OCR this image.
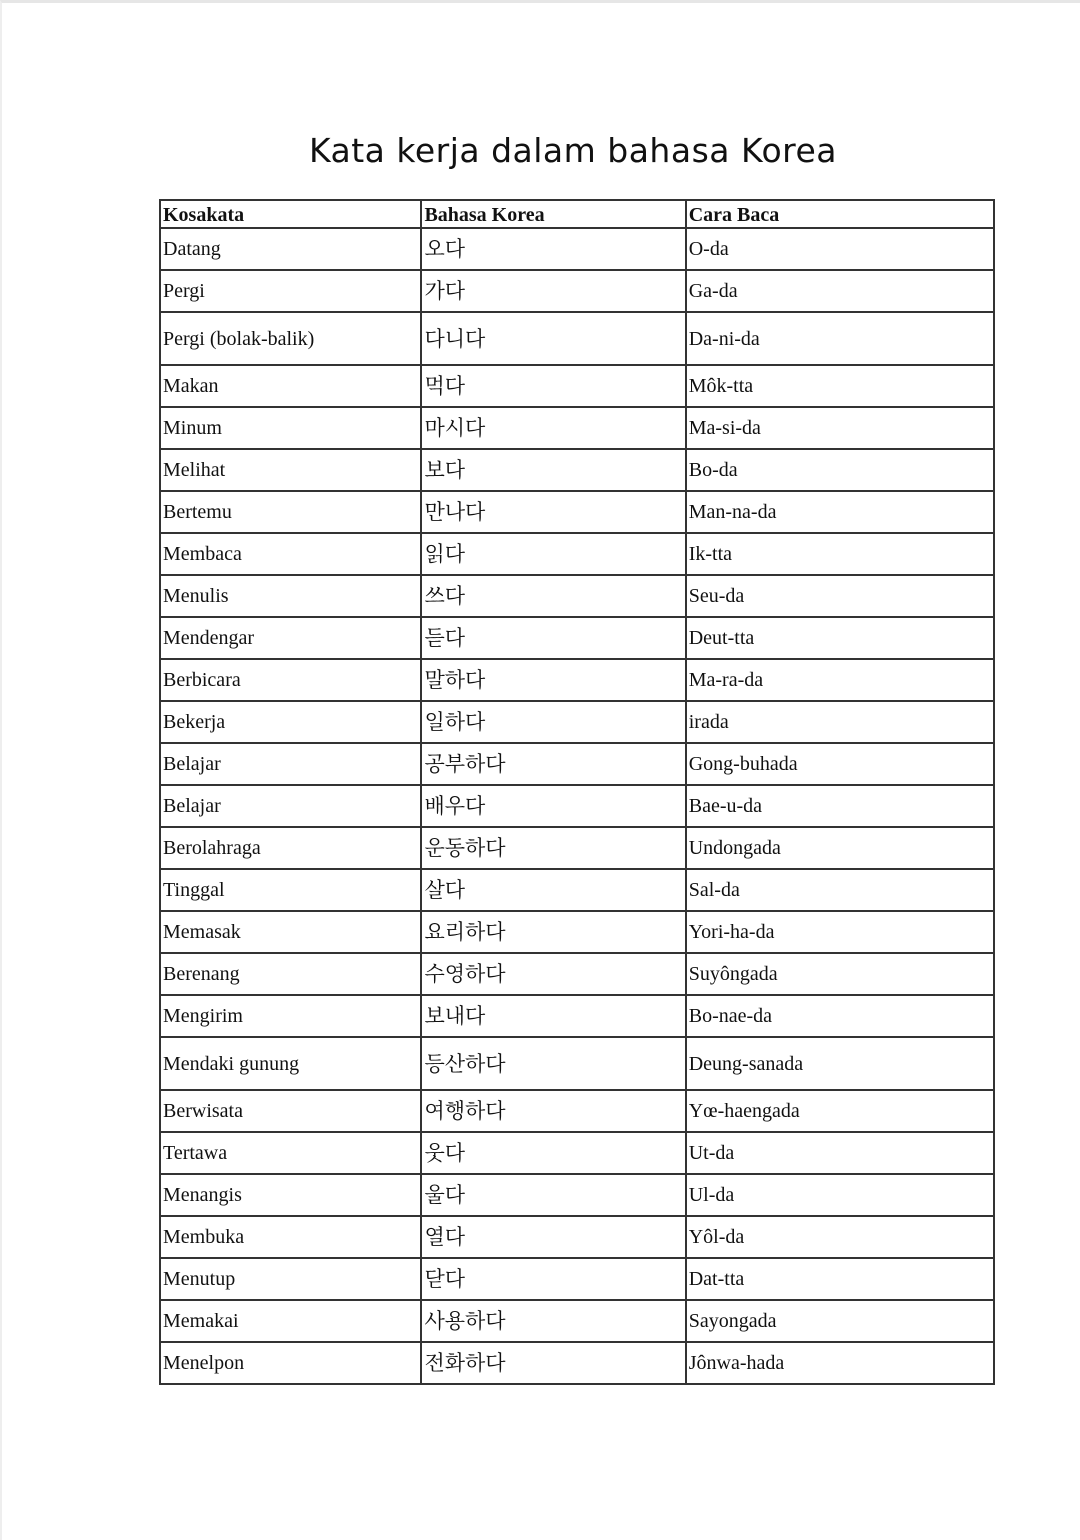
Kata kerja dalam bahasa Korea
Kosakata	Bahasa Korea	Cara Baca
Datang	오다	O-da
Pergi	가다	Ga-da
Pergi (bolak-balik)	다니다	Da-ni-da
Makan	먹다	Môk-tta
Minum	마시다	Ma-si-da
Melihat	보다	Bo-da
Bertemu	만나다	Man-na-da
Membaca	읽다	Ik-tta
Menulis	쓰다	Seu-da
Mendengar	듣다	Deut-tta
Berbicara	말하다	Ma-ra-da
Bekerja	일하다	irada
Belajar	공부하다	Gong-buhada
Belajar	배우다	Bae-u-da
Berolahraga	운동하다	Undongada
Tinggal	살다	Sal-da
Memasak	요리하다	Yori-ha-da
Berenang	수영하다	Suyôngada
Mengirim	보내다	Bo-nae-da
Mendaki gunung	등산하다	Deung-sanada
Berwisata	여행하다	Yœ-haengada
Tertawa	웃다	Ut-da
Menangis	울다	Ul-da
Membuka	열다	Yôl-da
Menutup	닫다	Dat-tta
Memakai	사용하다	Sayongada
Menelpon	전화하다	Jônwa-hada
